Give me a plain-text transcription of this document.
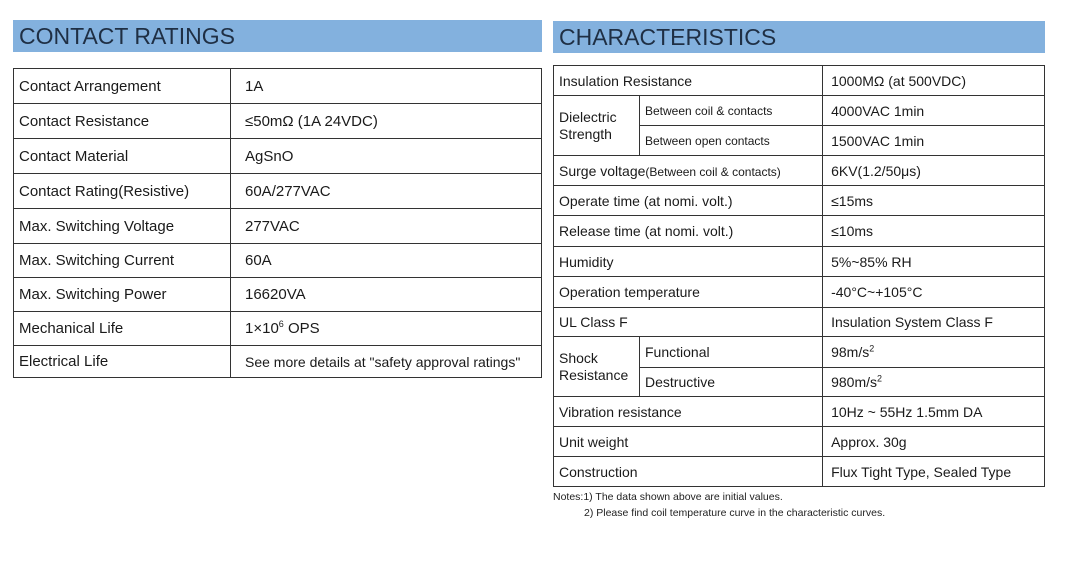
CONTACT RATINGS
Contact Arrangement	1A
Contact Resistance	≤50mΩ (1A 24VDC)
Contact Material	AgSnO
Contact Rating(Resistive)	60A/277VAC
Max. Switching Voltage	277VAC
Max. Switching Current	60A
Max. Switching Power	16620VA
Mechanical Life	$1\times 10^6$ OPS
Electrical Life	See more details at "safety approval ratings"
CHARACTERISTICS
Insulation Resistance		1000MΩ (at 500VDC)
Dielectric Strength	Between coil & contacts	4000VAC 1min
	Between open contacts	1500VAC 1min
Surge voltage(Between coil & contacts)		6KV(1.2/50μs)
Operate time (at nomi. volt.)		≤15ms
Release time (at nomi. volt.)		≤10ms
Humidity		5%~85% RH
Operation temperature		-40°C~+105°C
UL Class F		Insulation System Class F
Shock Resistance	Functional	$98m/s^2$
	Destructive	$980m/s^2$
Vibration resistance		10Hz ~ 55Hz 1.5mm DA
Unit weight		Approx. 30g
Construction		Flux Tight Type, Sealed Type
Notes:1) The data shown above are initial values.
2) Please find coil temperature curve in the characteristic curves.
